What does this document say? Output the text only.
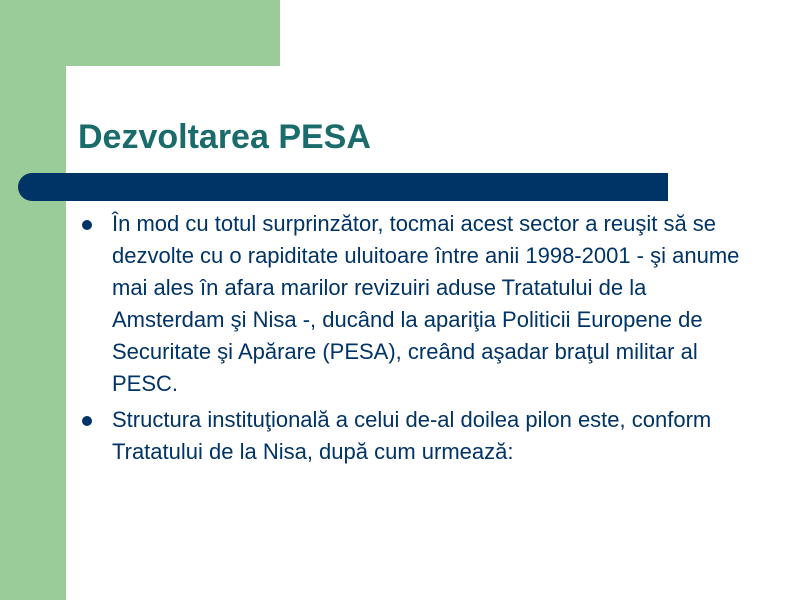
Dezvoltarea PESA
În mod cu totul surprinzător, tocmai acest sector a reuşit să se dezvolte cu o rapiditate uluitoare între anii 1998-2001 - şi anume mai ales în afara marilor revizuiri aduse Tratatului de la Amsterdam şi Nisa -, ducând la apariţia Politicii Europene de Securitate şi Apărare (PESA), creând aşadar braţul militar al PESC.
Structura instituţională a celui de-al doilea pilon este, conform Tratatului de la Nisa, după cum urmează:
